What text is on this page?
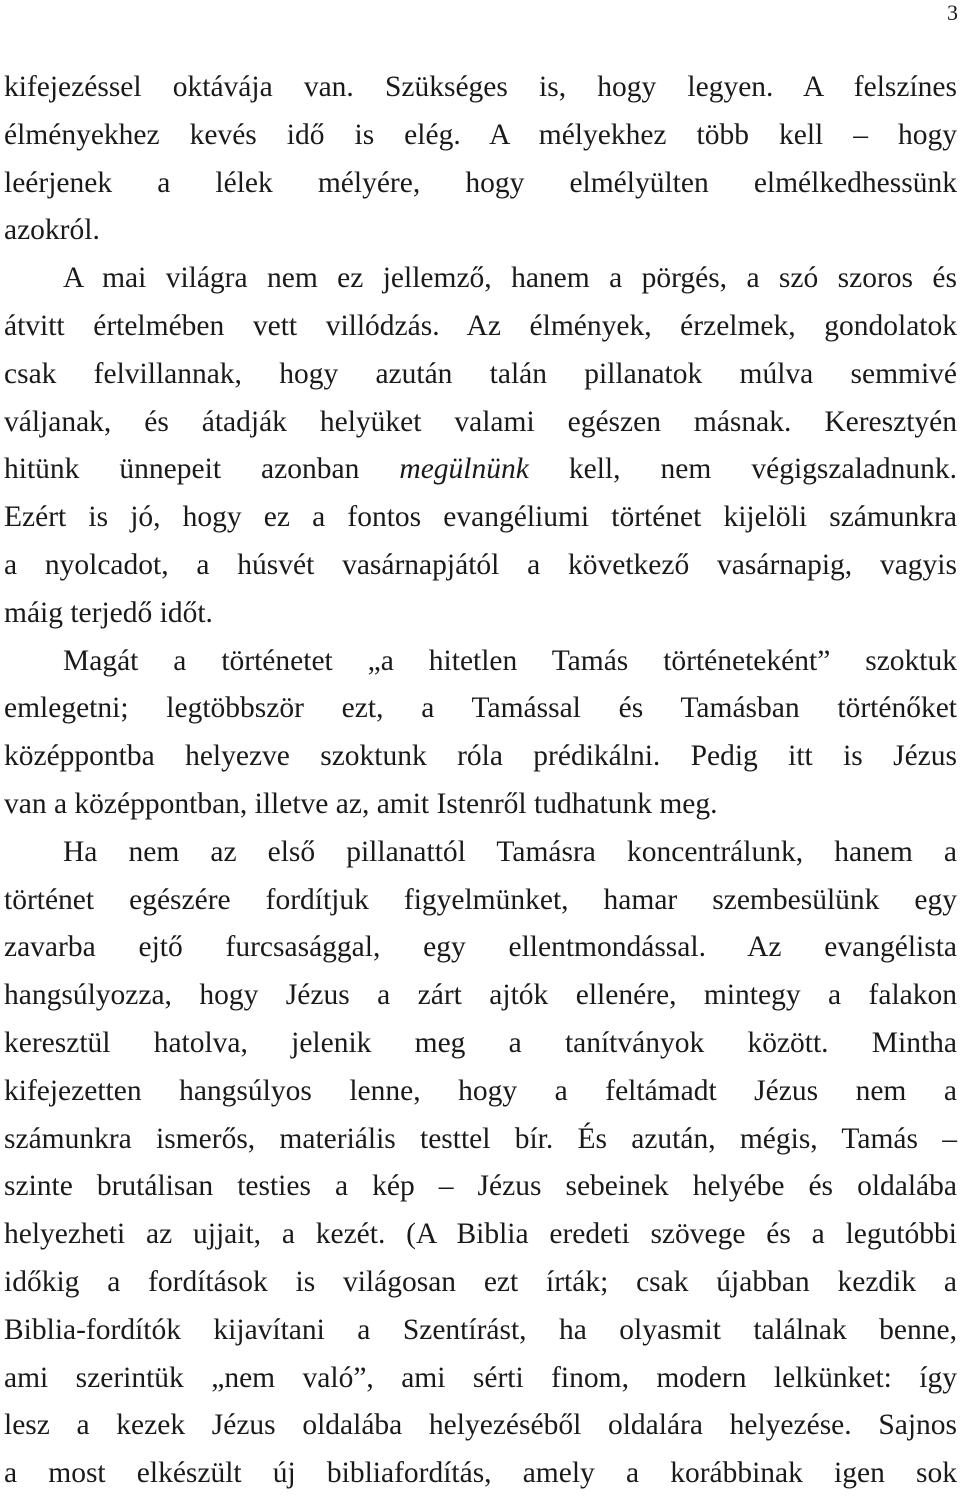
3
kifejezéssel oktávája van. Szükséges is, hogy legyen. A felszínes
élményekhez kevés idő is elég. A mélyekhez több kell – hogy
leérjenek a lélek mélyére, hogy elmélyülten elmélkedhessünk
azokról.
A mai világra nem ez jellemző, hanem a pörgés, a szó szoros és
átvitt értelmében vett villódzás. Az élmények, érzelmek, gondolatok
csak felvillannak, hogy azután talán pillanatok múlva semmivé
váljanak, és átadják helyüket valami egészen másnak. Keresztyén
hitünk ünnepeit azonban megülnünk kell, nem végigszaladnunk.
Ezért is jó, hogy ez a fontos evangéliumi történet kijelöli számunkra
a nyolcadot, a húsvét vasárnapjától a következő vasárnapig, vagyis
máig terjedő időt.
Magát a történetet „a hitetlen Tamás történeteként” szoktuk
emlegetni; legtöbbször ezt, a Tamással és Tamásban történőket
középpontba helyezve szoktunk róla prédikálni. Pedig itt is Jézus
van a középpontban, illetve az, amit Istenről tudhatunk meg.
Ha nem az első pillanattól Tamásra koncentrálunk, hanem a
történet egészére fordítjuk figyelmünket, hamar szembesülünk egy
zavarba ejtő furcsasággal, egy ellentmondással. Az evangélista
hangsúlyozza, hogy Jézus a zárt ajtók ellenére, mintegy a falakon
keresztül hatolva, jelenik meg a tanítványok között. Mintha
kifejezetten hangsúlyos lenne, hogy a feltámadt Jézus nem a
számunkra ismerős, materiális testtel bír. És azután, mégis, Tamás –
szinte brutálisan testies a kép – Jézus sebeinek helyébe és oldalába
helyezheti az ujjait, a kezét. (A Biblia eredeti szövege és a legutóbbi
időkig a fordítások is világosan ezt írták; csak újabban kezdik a
Biblia-fordítók kijavítani a Szentírást, ha olyasmit találnak benne,
ami szerintük „nem való”, ami sérti finom, modern lelkünket: így
lesz a kezek Jézus oldalába helyezéséből oldalára helyezése. Sajnos
a most elkészült új bibliafordítás, amely a korábbinak igen sok
